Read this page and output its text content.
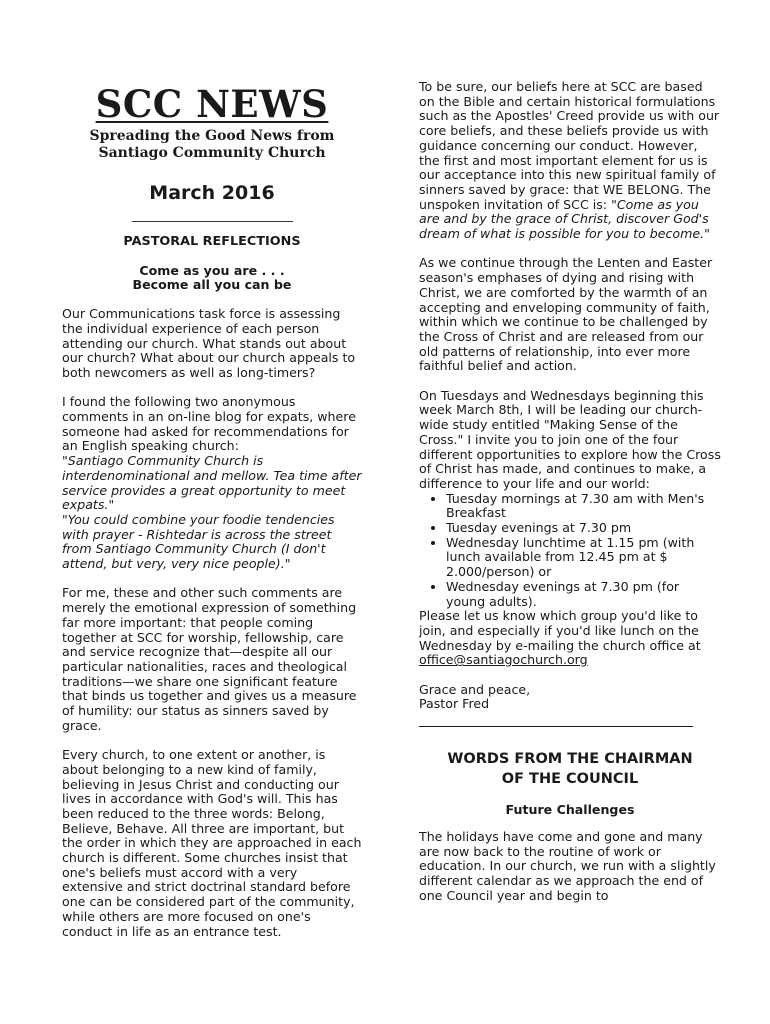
SCC NEWS
Spreading the Good News from
Santiago Community Church
March 2016
________________________________
PASTORAL REFLECTIONS
Come as you are . . .
Become all you can be

Our Communications task force is assessing the individual experience of each person attending our church. What stands out about our church? What about our church appeals to both newcomers as well as long-timers?

I found the following two anonymous comments in an on-line blog for expats, where someone had asked for recommendations for an English speaking church:
"Santiago Community Church is interdenominational and mellow. Tea time after service provides a great opportunity to meet expats."
"You could combine your foodie tendencies with prayer - Rishtedar is across the street from Santiago Community Church (I don't attend, but very, very nice people)."

For me, these and other such comments are merely the emotional expression of something far more important: that people coming together at SCC for worship, fellowship, care and service recognize that—despite all our particular nationalities, races and theological traditions—we share one significant feature that binds us together and gives us a measure of humility: our status as sinners saved by grace.

Every church, to one extent or another, is about belonging to a new kind of family, believing in Jesus Christ and conducting our lives in accordance with God's will. This has been reduced to the three words: Belong, Believe, Behave. All three are important, but the order in which they are approached in each church is different. Some churches insist that one's beliefs must accord with a very extensive and strict doctrinal standard before one can be considered part of the community, while others are more focused on one's conduct in life as an entrance test.

To be sure, our beliefs here at SCC are based on the Bible and certain historical formulations such as the Apostles' Creed provide us with our core beliefs, and these beliefs provide us with guidance concerning our conduct. However, the first and most important element for us is our acceptance into this new spiritual family of sinners saved by grace: that WE BELONG. The unspoken invitation of SCC is: "Come as you are and by the grace of Christ, discover God's dream of what is possible for you to become."

As we continue through the Lenten and Easter season's emphases of dying and rising with Christ, we are comforted by the warmth of an accepting and enveloping community of faith, within which we continue to be challenged by the Cross of Christ and are released from our old patterns of relationship, into ever more faithful belief and action.

On Tuesdays and Wednesdays beginning this week March 8th, I will be leading our church-wide study entitled "Making Sense of the Cross." I invite you to join one of the four different opportunities to explore how the Cross of Christ has made, and continues to make, a difference to your life and our world:
• Tuesday mornings at 7.30 am with Men's Breakfast
• Tuesday evenings at 7.30 pm
• Wednesday lunchtime at 1.15 pm (with lunch available from 12.45 pm at $ 2.000/person) or
• Wednesday evenings at 7.30 pm (for young adults).
Please let us know which group you'd like to join, and especially if you'd like lunch on the Wednesday by e-mailing the church office at office@santiagochurch.org
Grace and peace,
Pastor Fred
WORDS FROM THE CHAIRMAN
OF THE COUNCIL
Future Challenges

The holidays have come and gone and many are now back to the routine of work or education. In our church, we run with a slightly different calendar as we approach the end of one Council year and begin to
